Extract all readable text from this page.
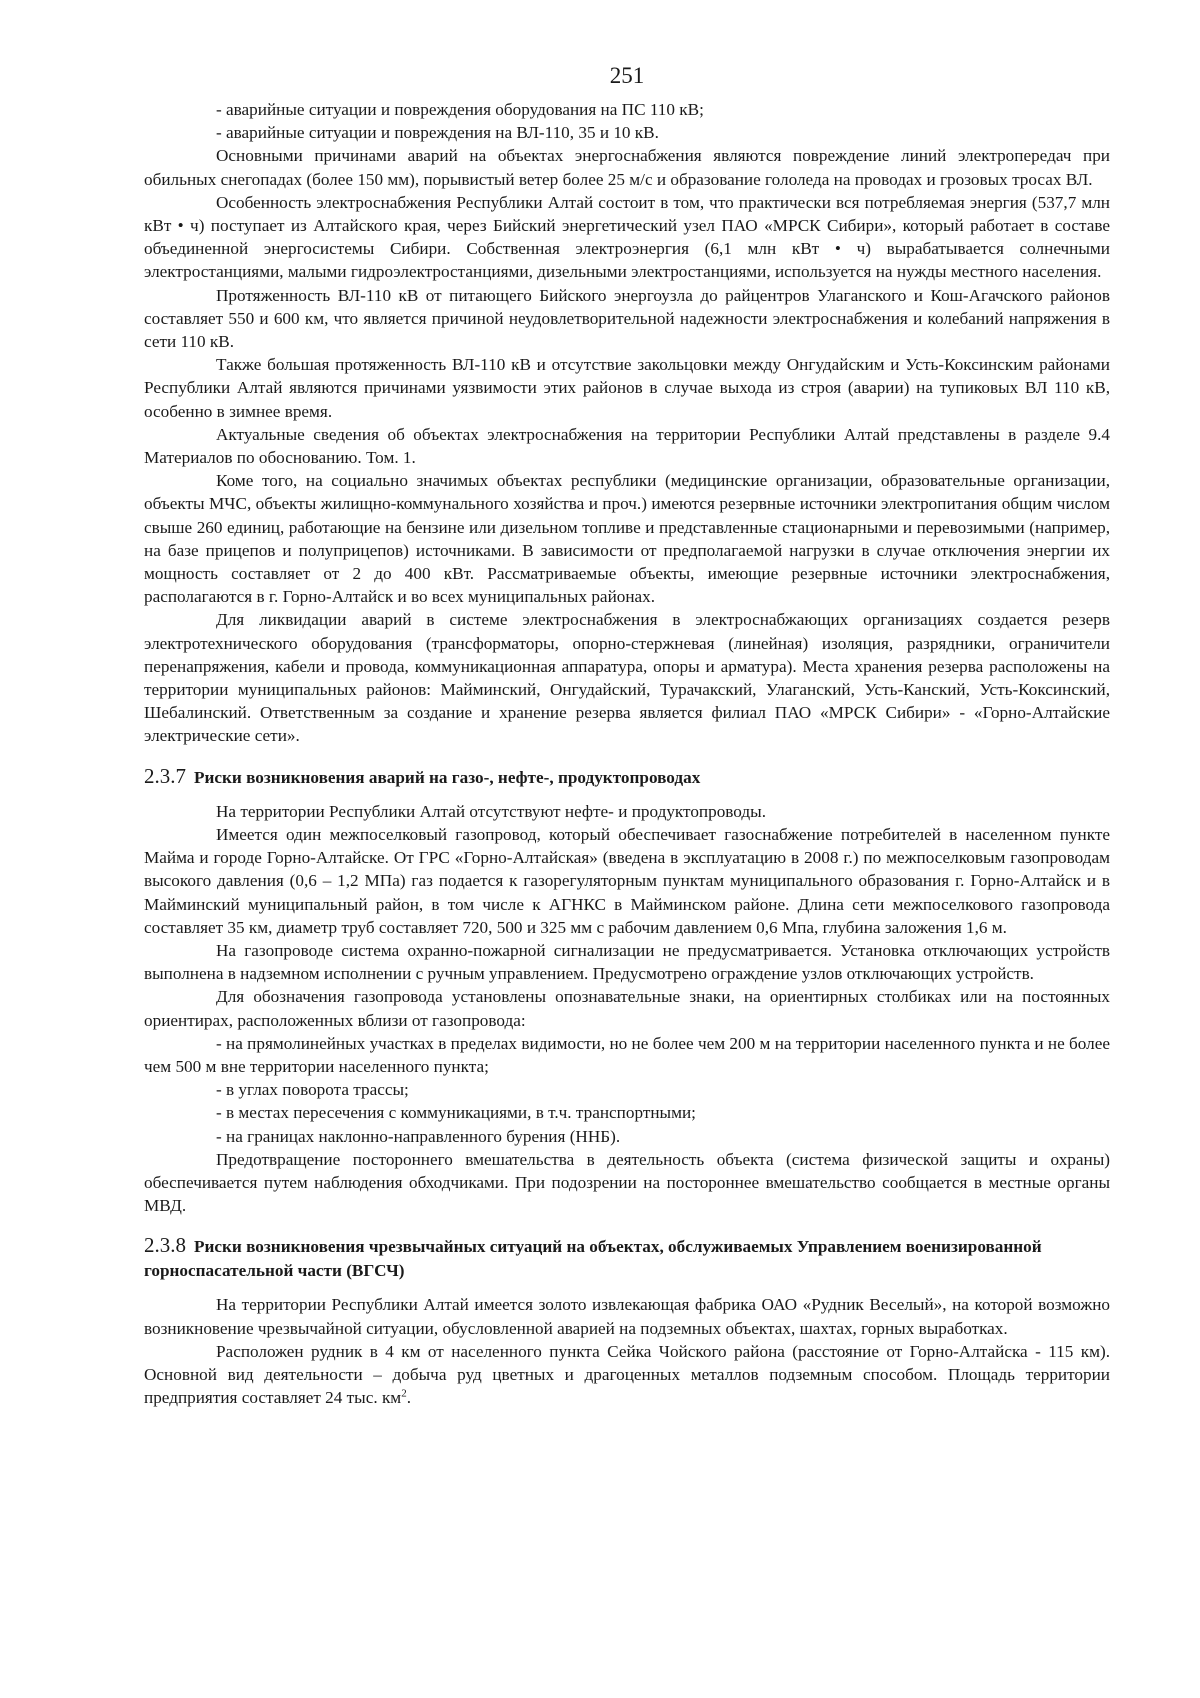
251

- аварийные ситуации и повреждения оборудования на ПС 110 кВ;

- аварийные ситуации и повреждения на ВЛ-110, 35 и 10 кВ.

Основными причинами аварий на объектах энергоснабжения являются повреждение линий электропередач при обильных снегопадах (более 150 мм), порывистый ветер более 25 м/с и образование гололеда на проводах и грозовых тросах ВЛ.

Особенность электроснабжения Республики Алтай состоит в том, что практически вся потребляемая энергия (537,7 млн кВт • ч) поступает из Алтайского края, через Бийский энергетический узел ПАО «МРСК Сибири», который работает в составе объединенной энергосистемы Сибири. Собственная электроэнергия (6,1 млн кВт • ч) вырабатывается солнечными электростанциями, малыми гидроэлектростанциями, дизельными электростанциями, используется на нужды местного населения.

Протяженность ВЛ-110 кВ от питающего Бийского энергоузла до райцентров Улаганского и Кош-Агачского районов составляет 550 и 600 км, что является причиной неудовлетворительной надежности электроснабжения и колебаний напряжения в сети 110 кВ.

Также большая протяженность ВЛ-110 кВ и отсутствие закольцовки между Онгудайским и Усть-Коксинским районами Республики Алтай являются причинами уязвимости этих районов в случае выхода из строя (аварии) на тупиковых ВЛ 110 кВ, особенно в зимнее время.

Актуальные сведения об объектах электроснабжения на территории Республики Алтай представлены в разделе 9.4 Материалов по обоснованию. Том. 1.

Коме того, на социально значимых объектах республики (медицинские организации, образовательные организации, объекты МЧС, объекты жилищно-коммунального хозяйства и проч.) имеются резервные источники электропитания общим числом свыше 260 единиц, работающие на бензине или дизельном топливе и представленные стационарными и перевозимыми (например, на базе прицепов и полуприцепов) источниками. В зависимости от предполагаемой нагрузки в случае отключения энергии их мощность составляет от 2 до 400 кВт. Рассматриваемые объекты, имеющие резервные источники электроснабжения, располагаются в г. Горно-Алтайск и во всех муниципальных районах.

Для ликвидации аварий в системе электроснабжения в электроснабжающих организациях создается резерв электротехнического оборудования (трансформаторы, опорно-стержневая (линейная) изоляция, разрядники, ограничители перенапряжения, кабели и провода, коммуникационная аппаратура, опоры и арматура). Места хранения резерва расположены на территории муниципальных районов: Майминский, Онгудайский, Турачакский, Улаганский, Усть-Канский, Усть-Коксинский, Шебалинский. Ответственным за создание и хранение резерва является филиал ПАО «МРСК Сибири» - «Горно-Алтайские электрические сети».

2.3.7 Риски возникновения аварий на газо-, нефте-, продуктопроводах

На территории Республики Алтай отсутствуют нефте- и продуктопроводы.

Имеется один межпоселковый газопровод, который обеспечивает газоснабжение потребителей в населенном пункте Майма и городе Горно-Алтайске. От ГРС «Горно-Алтайская» (введена в эксплуатацию в 2008 г.) по межпоселковым газопроводам высокого давления (0,6 – 1,2 МПа) газ подается к газорегуляторным пунктам муниципального образования г. Горно-Алтайск и в Майминский муниципальный район, в том числе к АГНКС в Майминском районе. Длина сети межпоселкового газопровода составляет 35 км, диаметр труб составляет 720, 500 и 325 мм с рабочим давлением 0,6 Мпа, глубина заложения 1,6 м.

На газопроводе система охранно-пожарной сигнализации не предусматривается. Установка отключающих устройств выполнена в надземном исполнении с ручным управлением. Предусмотрено ограждение узлов отключающих устройств.

Для обозначения газопровода установлены опознавательные знаки, на ориентирных столбиках или на постоянных ориентирах, расположенных вблизи от газопровода:

- на прямолинейных участках в пределах видимости, но не более чем 200 м на территории населенного пункта и не более чем 500 м вне территории населенного пункта;

- в углах поворота трассы;

- в местах пересечения с коммуникациями, в т.ч. транспортными;

- на границах наклонно-направленного бурения (ННБ).

Предотвращение постороннего вмешательства в деятельность объекта (система физической защиты и охраны) обеспечивается путем наблюдения обходчиками. При подозрении на постороннее вмешательство сообщается в местные органы МВД.

2.3.8 Риски возникновения чрезвычайных ситуаций на объектах, обслуживаемых Управлением военизированной горноспасательной части (ВГСЧ)

На территории Республики Алтай имеется золото извлекающая фабрика ОАО «Рудник Веселый», на которой возможно возникновение чрезвычайной ситуации, обусловленной аварией на подземных объектах, шахтах, горных выработках.

Расположен рудник в 4 км от населенного пункта Сейка Чойского района (расстояние от Горно-Алтайска - 115 км). Основной вид деятельности – добыча руд цветных и драгоценных металлов подземным способом. Площадь территории предприятия составляет 24 тыс. $км^2$.
